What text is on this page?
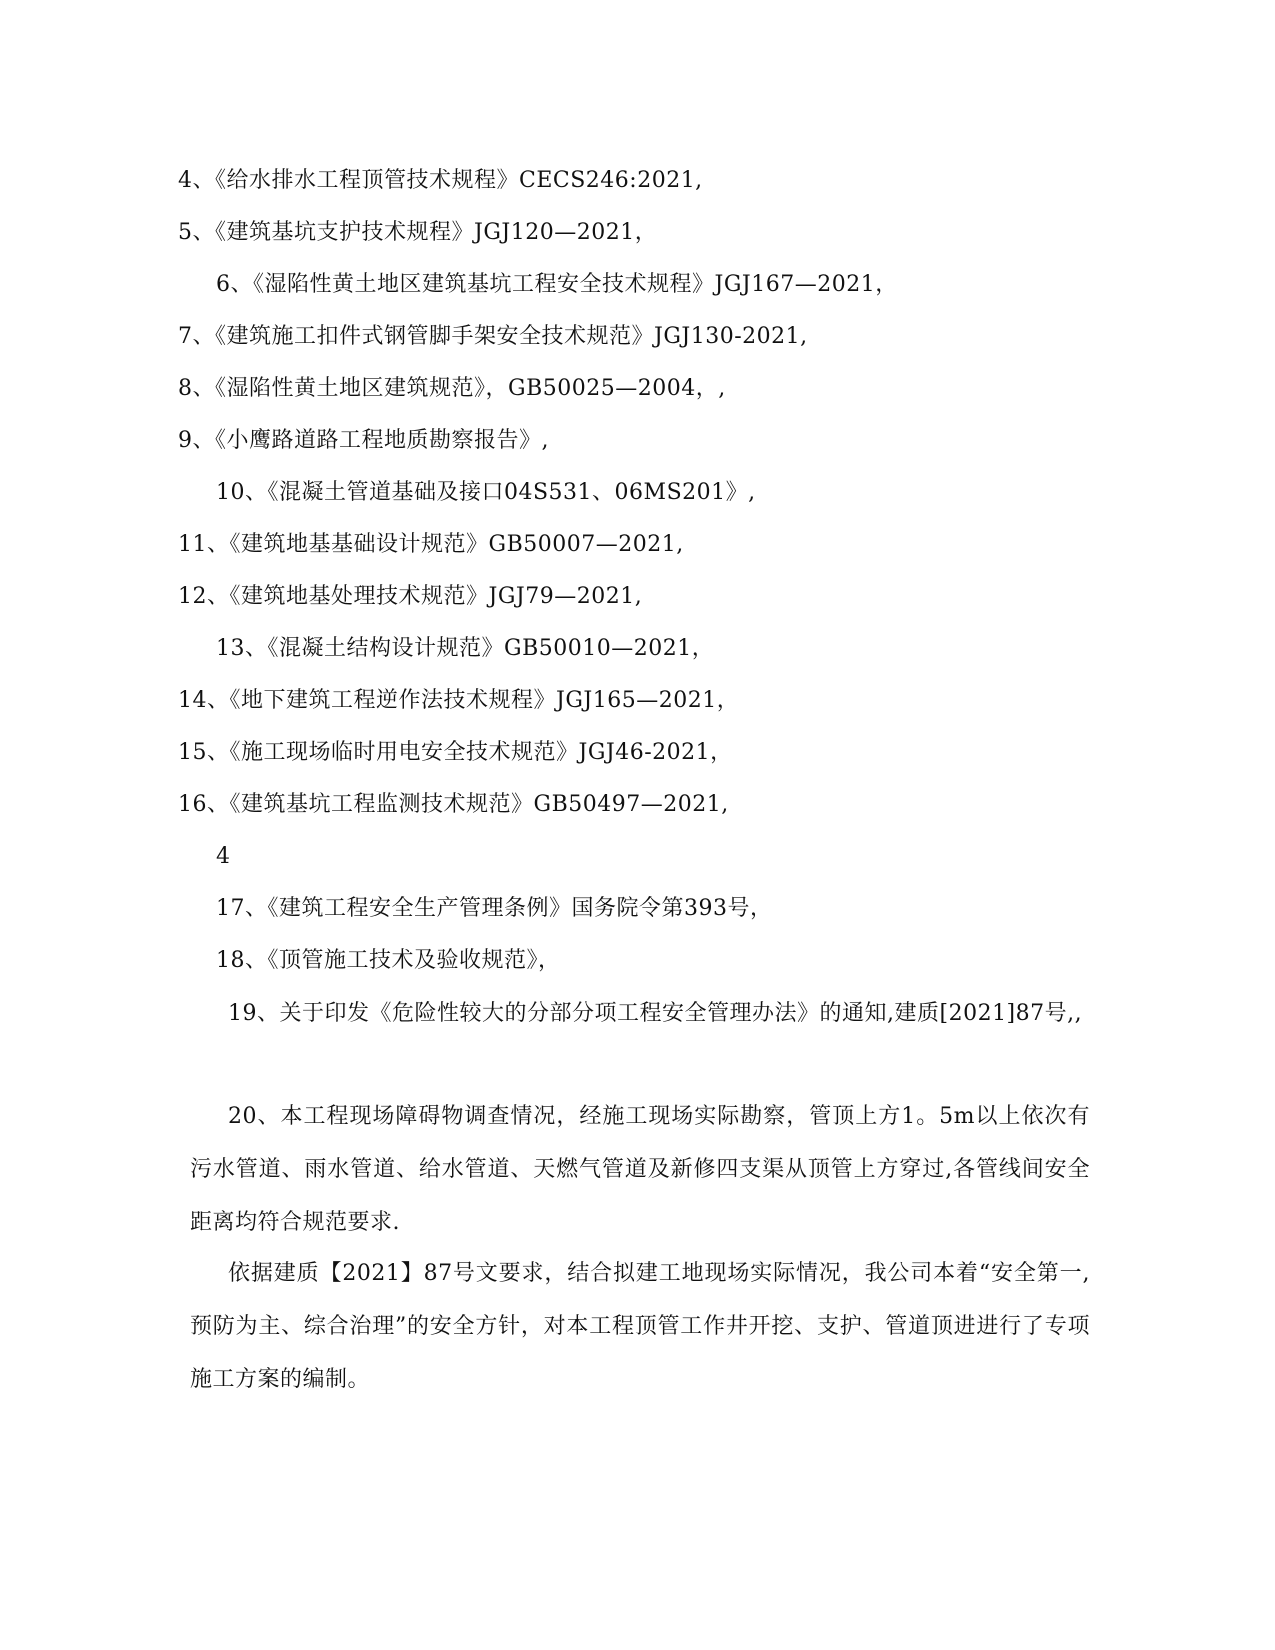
4、《给水排水工程顶管技术规程》CECS246:2021,
5、《建筑基坑支护技术规程》JGJ120—2021，
6、《湿陷性黄土地区建筑基坑工程安全技术规程》JGJ167—2021，
7、《建筑施工扣件式钢管脚手架安全技术规范》JGJ130-2021,
8、《湿陷性黄土地区建筑规范》，GB50025—2004，,
9、《小鹰路道路工程地质勘察报告》,
10、《混凝土管道基础及接口04S531、06MS201》,
11、《建筑地基基础设计规范》GB50007—2021,
12、《建筑地基处理技术规范》JGJ79—2021,
13、《混凝土结构设计规范》GB50010—2021，
14、《地下建筑工程逆作法技术规程》JGJ165—2021，
15、《施工现场临时用电安全技术规范》JGJ46-2021，
16、《建筑基坑工程监测技术规范》GB50497—2021,
4
17、《建筑工程安全生产管理条例》国务院令第393号，
18、《顶管施工技术及验收规范》，
19、关于印发《危险性较大的分部分项工程安全管理办法》的通知,建质[2021]87号,,
20、本工程现场障碍物调查情况，经施工现场实际勘察，管顶上方1。5m以上依次有污水管道、雨水管道、给水管道、天燃气管道及新修四支渠从顶管上方穿过,各管线间安全距离均符合规范要求.
依据建质【2021】87号文要求，结合拟建工地现场实际情况，我公司本着“安全第一,预防为主、综合治理”的安全方针，对本工程顶管工作井开挖、支护、管道顶进进行了专项施工方案的编制。
